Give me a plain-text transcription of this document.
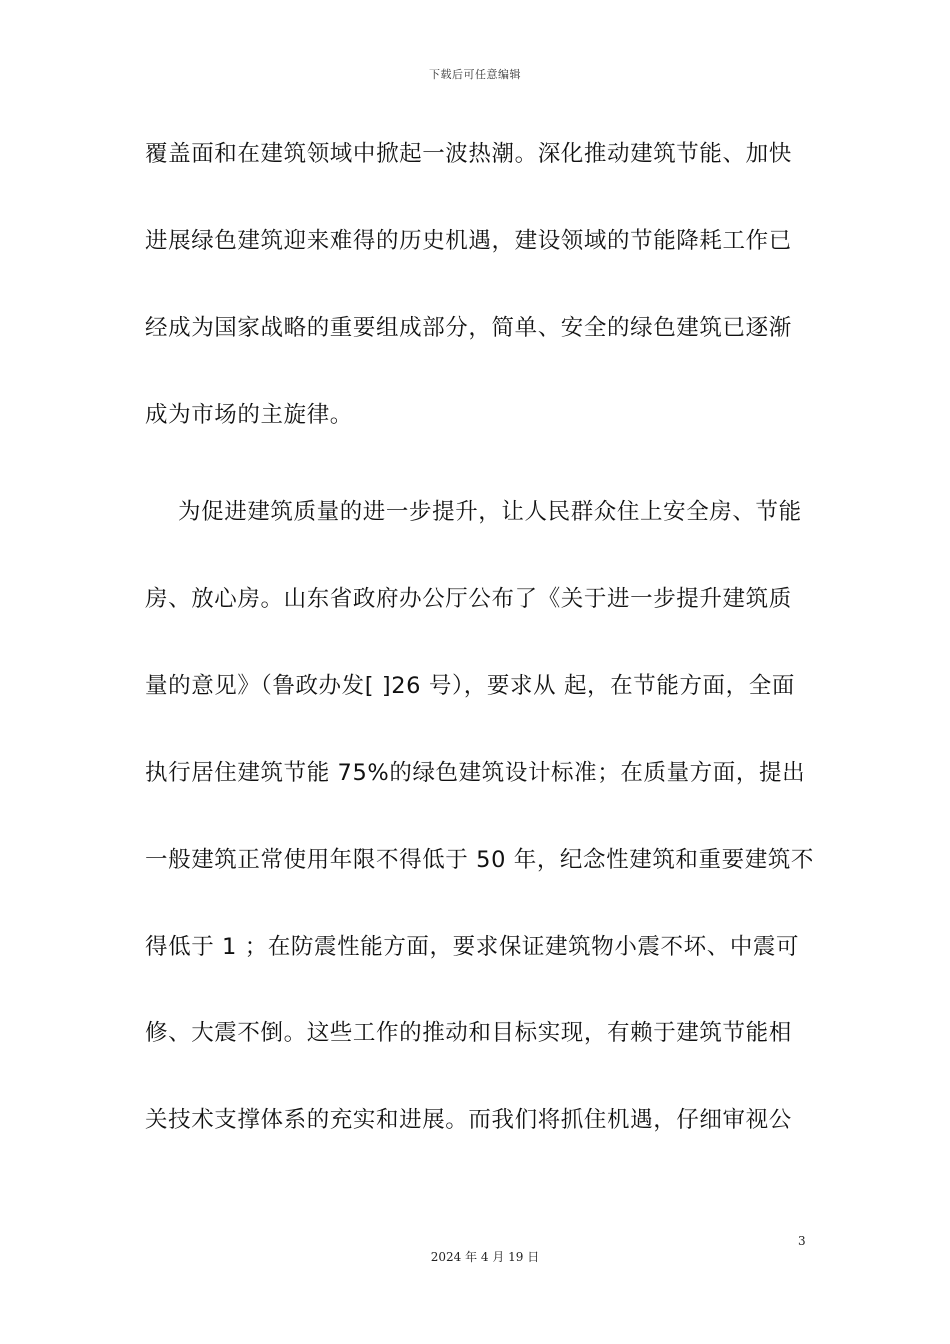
下载后可任意编辑
覆盖面和在建筑领域中掀起一波热潮。深化推动建筑节能、加快
进展绿色建筑迎来难得的历史机遇，建设领域的节能降耗工作已
经成为国家战略的重要组成部分，简单、安全的绿色建筑已逐渐
成为市场的主旋律。
为促进建筑质量的进一步提升，让人民群众住上安全房、节能
房、放心房。山东省政府办公厅公布了《关于进一步提升建筑质
量的意见》（鲁政办发[ ]26 号），要求从 起，在节能方面，全面
执行居住建筑节能 75%的绿色建筑设计标准；在质量方面，提出
一般建筑正常使用年限不得低于 50 年，纪念性建筑和重要建筑不
得低于 1 ；在防震性能方面，要求保证建筑物小震不坏、中震可
修、大震不倒。这些工作的推动和目标实现，有赖于建筑节能相
关技术支撑体系的充实和进展。而我们将抓住机遇，仔细审视公
3
2024 年 4 月 19 日
